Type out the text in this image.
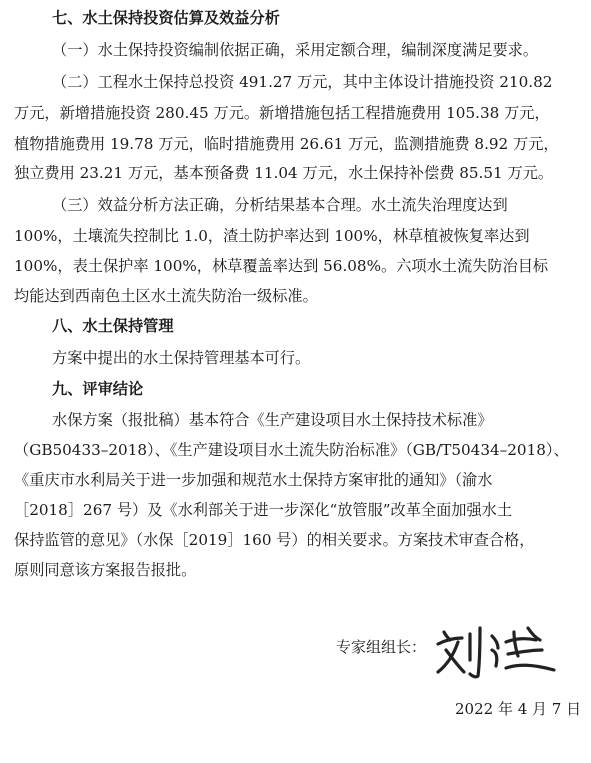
七、水土保持投资估算及效益分析
（一）水土保持投资编制依据正确，采用定额合理，编制深度满足要求。
（二）工程水土保持总投资 491.27 万元，其中主体设计措施投资 210.82
万元，新增措施投资 280.45 万元。新增措施包括工程措施费用 105.38 万元，
植物措施费用 19.78 万元，临时措施费用 26.61 万元，监测措施费 8.92 万元，
独立费用 23.21 万元，基本预备费 11.04 万元，水土保持补偿费 85.51 万元。
（三）效益分析方法正确，分析结果基本合理。水土流失治理度达到
100%，土壤流失控制比 1.0，渣土防护率达到 100%，林草植被恢复率达到
100%，表土保护率 100%，林草覆盖率达到 56.08%。六项水土流失防治目标
均能达到西南色土区水土流失防治一级标准。
八、水土保持管理
方案中提出的水土保持管理基本可行。
九、评审结论
水保方案（报批稿）基本符合《生产建设项目水土保持技术标准》
（GB50433–2018）、《生产建设项目水土流失防治标准》（GB/T50434–2018）、
《重庆市水利局关于进一步加强和规范水土保持方案审批的通知》（渝水
［2018］267 号）及《水利部关于进一步深化“放管服”改革全面加强水土
保持监管的意见》（水保［2019］160 号）的相关要求。方案技术审查合格，
原则同意该方案报告报批。
专家组组长：
2022 年 4 月 7 日
